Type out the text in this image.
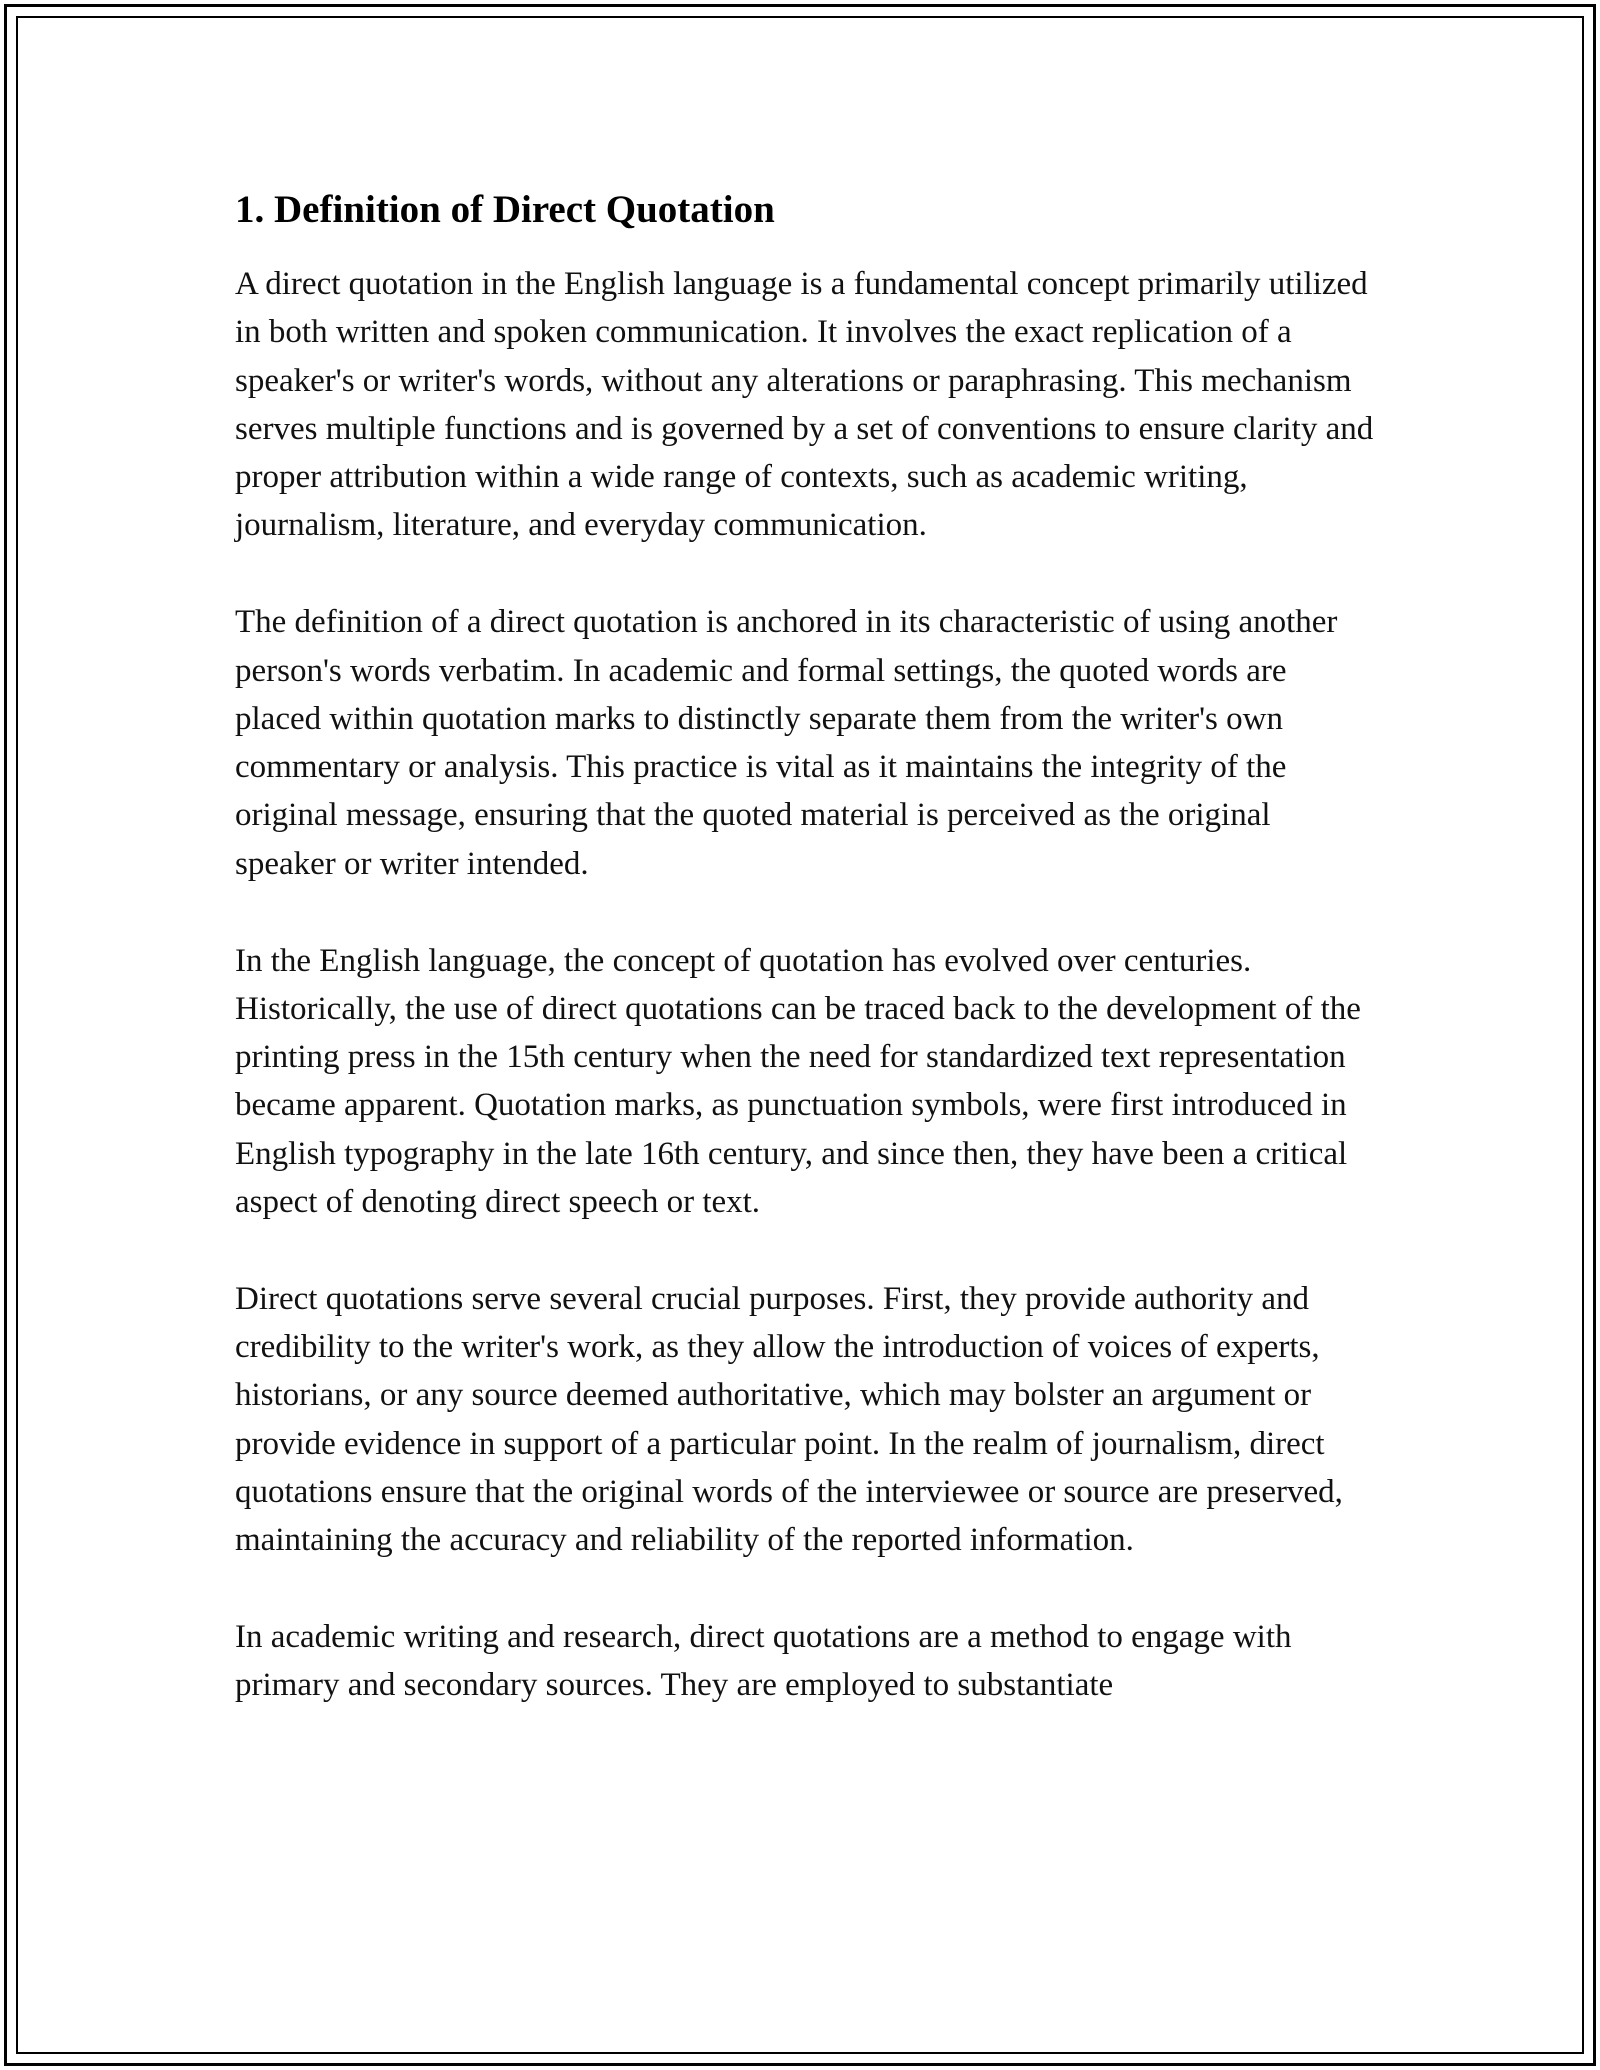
1. Definition of Direct Quotation

A direct quotation in the English language is a fundamental concept primarily utilized in both written and spoken communication. It involves the exact replication of a speaker's or writer's words, without any alterations or paraphrasing. This mechanism serves multiple functions and is governed by a set of conventions to ensure clarity and proper attribution within a wide range of contexts, such as academic writing, journalism, literature, and everyday communication.

The definition of a direct quotation is anchored in its characteristic of using another person's words verbatim. In academic and formal settings, the quoted words are placed within quotation marks to distinctly separate them from the writer's own commentary or analysis. This practice is vital as it maintains the integrity of the original message, ensuring that the quoted material is perceived as the original speaker or writer intended.

In the English language, the concept of quotation has evolved over centuries. Historically, the use of direct quotations can be traced back to the development of the printing press in the 15th century when the need for standardized text representation became apparent. Quotation marks, as punctuation symbols, were first introduced in English typography in the late 16th century, and since then, they have been a critical aspect of denoting direct speech or text.

Direct quotations serve several crucial purposes. First, they provide authority and credibility to the writer's work, as they allow the introduction of voices of experts, historians, or any source deemed authoritative, which may bolster an argument or provide evidence in support of a particular point. In the realm of journalism, direct quotations ensure that the original words of the interviewee or source are preserved, maintaining the accuracy and reliability of the reported information.

In academic writing and research, direct quotations are a method to engage with primary and secondary sources. They are employed to substantiate
